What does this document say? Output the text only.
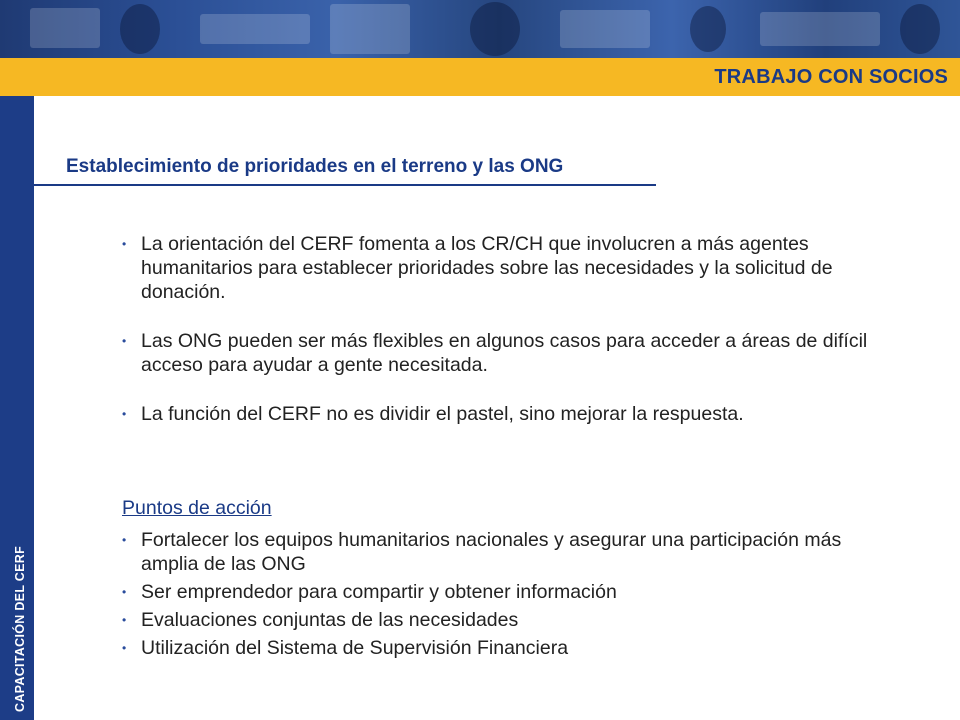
TRABAJO CON SOCIOS
CAPACITACIÓN DEL CERF
Establecimiento de prioridades en el terreno y las ONG
• La orientación del CERF fomenta a los CR/CH que involucren a más agentes humanitarios para establecer prioridades sobre las necesidades y la solicitud de donación.
• Las ONG pueden ser más flexibles en algunos casos para acceder a áreas de difícil acceso para ayudar a gente necesitada.
• La función del CERF no es dividir el pastel, sino mejorar la respuesta.
Puntos de acción
• Fortalecer los equipos humanitarios nacionales y asegurar una participación más amplia de las ONG
• Ser emprendedor para compartir y obtener información
• Evaluaciones conjuntas de las necesidades
• Utilización del Sistema de Supervisión Financiera
